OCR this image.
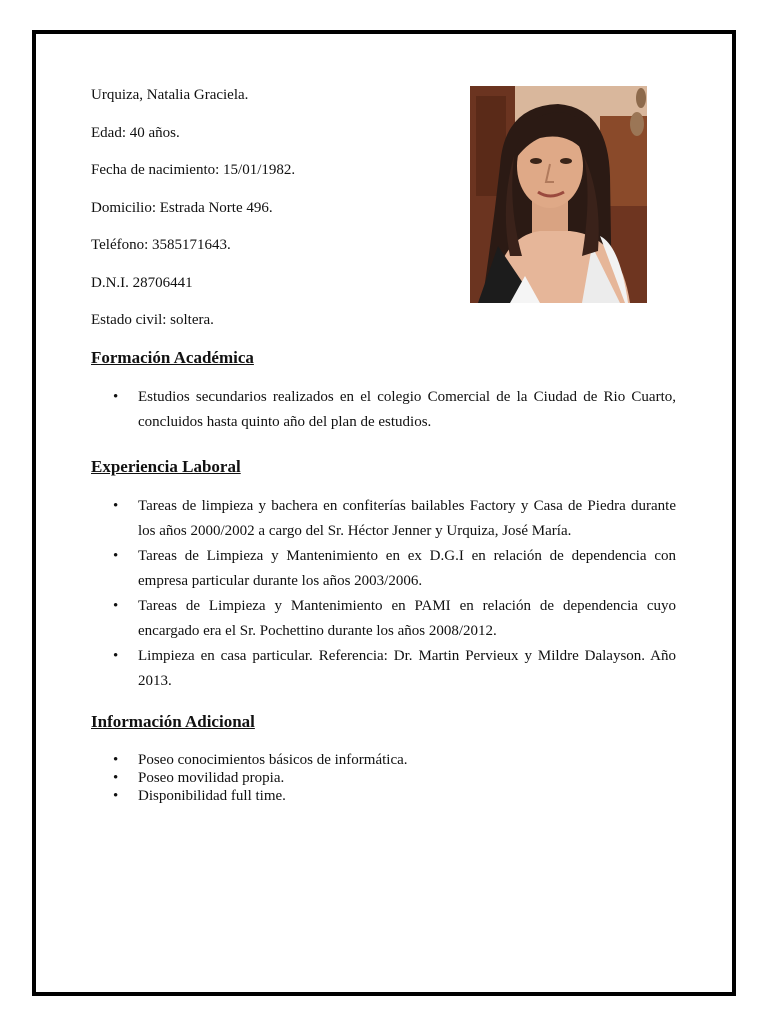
Urquiza, Natalia Graciela.

Edad: 40 años.

Fecha de nacimiento: 15/01/1982.

Domicilio: Estrada Norte 496.

Teléfono: 3585171643.

D.N.I. 28706441

Estado civil: soltera.

Formación Académica
• Estudios secundarios realizados en el colegio Comercial de la Ciudad de Rio Cuarto, concluidos hasta quinto año del plan de estudios.
Experiencia Laboral
• Tareas de limpieza y bachera en confiterías bailables Factory y Casa de Piedra durante los años 2000/2002 a cargo del Sr. Héctor Jenner y Urquiza, José María.
• Tareas de Limpieza y Mantenimiento en ex D.G.I en relación de dependencia con empresa particular durante los años 2003/2006.
• Tareas de Limpieza y Mantenimiento en PAMI en relación de dependencia cuyo encargado era el Sr. Pochettino durante los años 2008/2012.
• Limpieza en casa particular. Referencia: Dr. Martin Pervieux y Mildre Dalayson. Año 2013.
Información Adicional
• Poseo conocimientos básicos de informática.
• Poseo movilidad propia.
• Disponibilidad full time.
